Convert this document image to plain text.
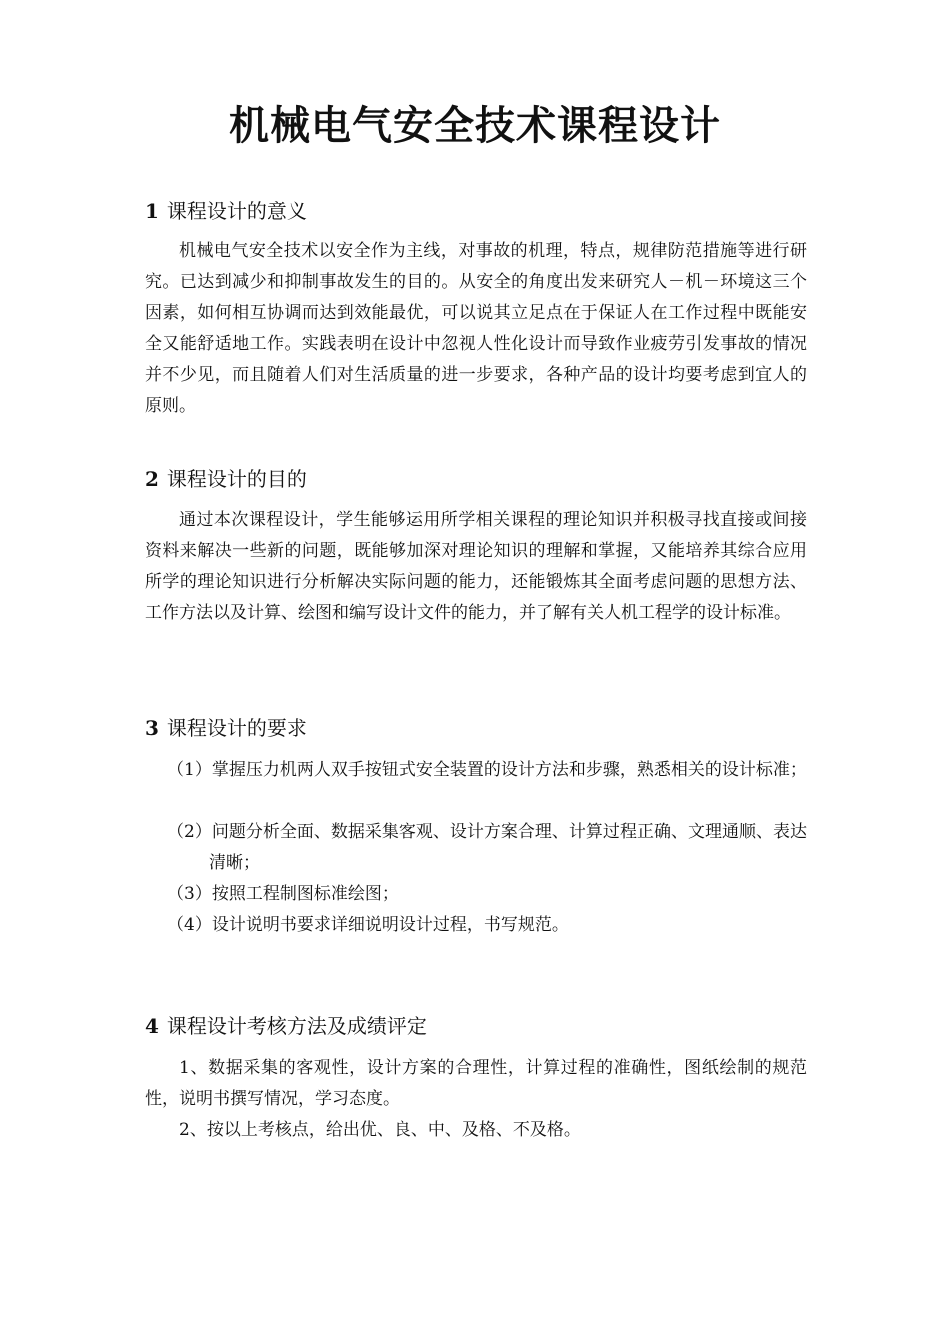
机械电气安全技术课程设计
1 课程设计的意义

机械电气安全技术以安全作为主线，对事故的机理，特点，规律防范措施等进行研究。已达到减少和抑制事故发生的目的。从安全的角度出发来研究人－机－环境这三个因素，如何相互协调而达到效能最优，可以说其立足点在于保证人在工作过程中既能安全又能舒适地工作。实践表明在设计中忽视人性化设计而导致作业疲劳引发事故的情况并不少见，而且随着人们对生活质量的进一步要求，各种产品的设计均要考虑到宜人的原则。

2 课程设计的目的

通过本次课程设计，学生能够运用所学相关课程的理论知识并积极寻找直接或间接资料来解决一些新的问题，既能够加深对理论知识的理解和掌握，又能培养其综合应用所学的理论知识进行分析解决实际问题的能力，还能锻炼其全面考虑问题的思想方法、工作方法以及计算、绘图和编写设计文件的能力，并了解有关人机工程学的设计标准。

3 课程设计的要求
（1）掌握压力机两人双手按钮式安全装置的设计方法和步骤，熟悉相关的设计标准；
（2）问题分析全面、数据采集客观、设计方案合理、计算过程正确、文理通顺、表达清晰；
（3）按照工程制图标准绘图；
（4）设计说明书要求详细说明设计过程，书写规范。
4 课程设计考核方法及成绩评定

1、数据采集的客观性，设计方案的合理性，计算过程的准确性，图纸绘制的规范性，说明书撰写情况，学习态度。

2、按以上考核点，给出优、良、中、及格、不及格。
